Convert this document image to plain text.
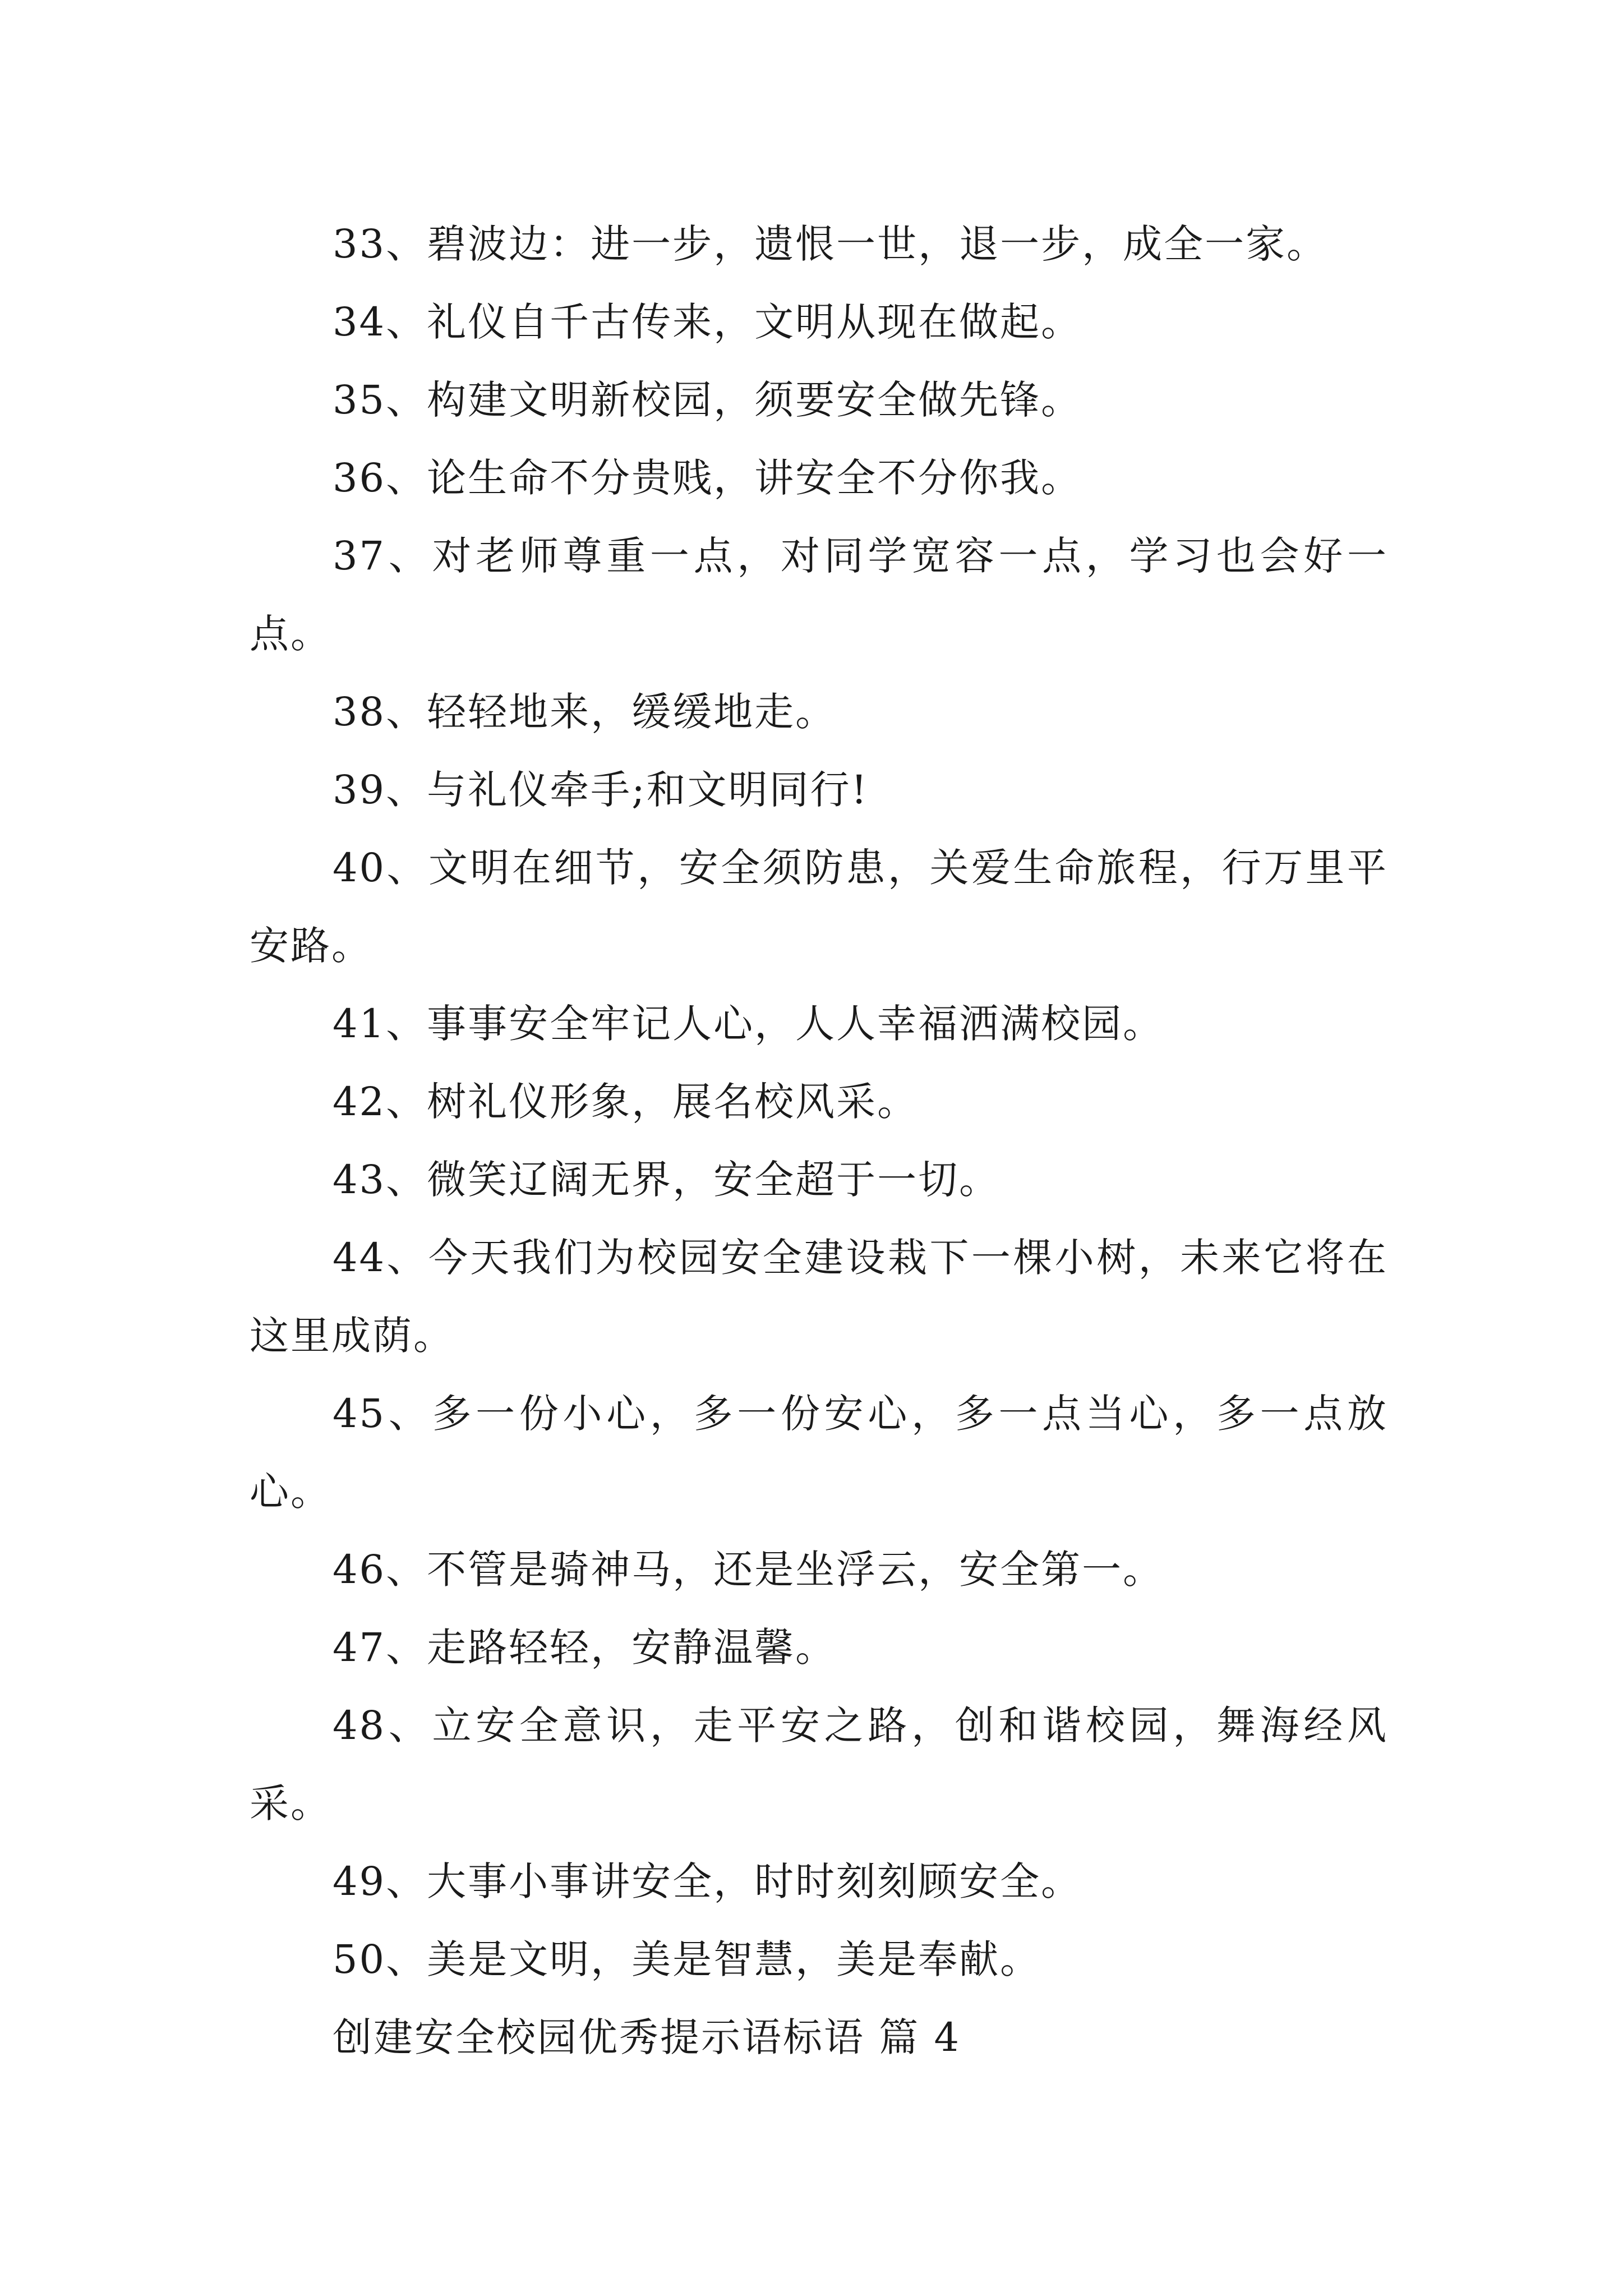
33、碧波边：进一步，遗恨一世，退一步，成全一家。

34、礼仪自千古传来，文明从现在做起。

35、构建文明新校园，须要安全做先锋。

36、论生命不分贵贱，讲安全不分你我。

37、对老师尊重一点，对同学宽容一点，学习也会好一点。

38、轻轻地来，缓缓地走。

39、与礼仪牵手;和文明同行!

40、文明在细节，安全须防患，关爱生命旅程，行万里平安路。

41、事事安全牢记人心，人人幸福洒满校园。

42、树礼仪形象，展名校风采。

43、微笑辽阔无界，安全超于一切。

44、今天我们为校园安全建设栽下一棵小树，未来它将在这里成荫。

45、多一份小心，多一份安心，多一点当心，多一点放心。

46、不管是骑神马，还是坐浮云，安全第一。

47、走路轻轻，安静温馨。

48、立安全意识，走平安之路，创和谐校园，舞海经风采。

49、大事小事讲安全，时时刻刻顾安全。

50、美是文明，美是智慧，美是奉献。

创建安全校园优秀提示语标语 篇 4
